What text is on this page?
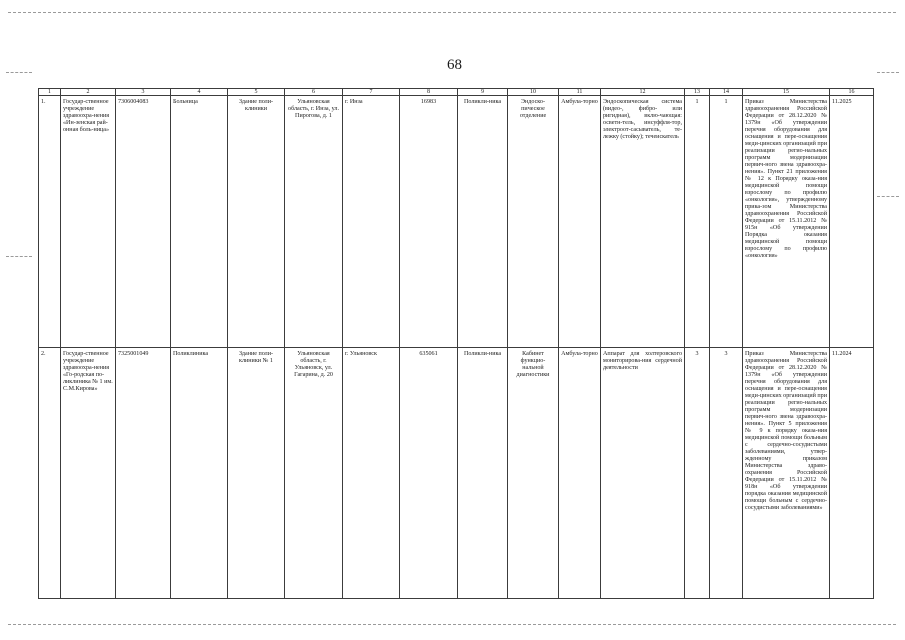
68
1	2	3	4	5	6	7	8	9	10	11	12	13	14	15	16
1.	Государ-ственное учреждение здравоохра-нения «Ин-зенская рай-онная боль-ница»	7306004083	Больница	Здание поли-клиники	Ульяновская область, г. Инза, ул. Пирогова, д. 1	г. Инза	16983	Поликли-ника	Эндоско-пическое отделение	Амбула-торно	Эндоскопическая система (видео-, фибро- или ригидная), вклю-чающая: осветн-тель, инсуффля-тор, электроот-сасыватель, те-лежку (стойку); течеискатель	1	1	Приказ Министерства здравоохранения Российской Федерации от 28.12.2020 № 1379н «Об утверждении перечня оборудования для оснащения и пере-оснащения меди-цинских организаций при реализации регио-нальных программ модернизации первич-ного звена здравоохра-нения». Пункт 21 приложения № 12 к Порядку оказа-ния медицинской помощи взрослому по профилю «онкология», утвержденному прика-зом Министерства здравоохранения Российской Федерации от 15.11.2012 № 915н «Об утверждении Порядка оказания медицинской помощи взрослому по профилю «онкология»	11.2025
2.	Государ-ственное учреждение здравоохра-нения «Го-родская по-ликлиника № 1 им. С.М.Кирова»	7325001049	Поликлиника	Здание поли-клиники № 1	Ульяновская область, г. Ульяновск, ул. Гагарина, д. 20	г. Ульяновск	635061	Поликли-ника	Кабинет функцио-нальной диагностики	Амбула-торно	Аппарат для холтеровского мониторирова-ния сердечной деятельности	3	3	Приказ Министерства здравоохранения Российской Федерации от 28.12.2020 № 1379н «Об утверждении перечня оборудования для оснащения и пере-оснащения меди-цинских организаций при реализации регио-нальных программ модернизации первич-ного звена здравоохра-нения». Пункт 5 приложения № 9 к порядку оказа-ния медицинской помощи больным с сердечно-сосудистыми заболеваниями, утвер-жденному приказом Министерства здраво-охранения Российской Федерации от 15.11.2012 № 918н «Об утверждении порядка оказания медицинской помощи больным с сердечно-сосудистыми заболеваниями»	11.2024
